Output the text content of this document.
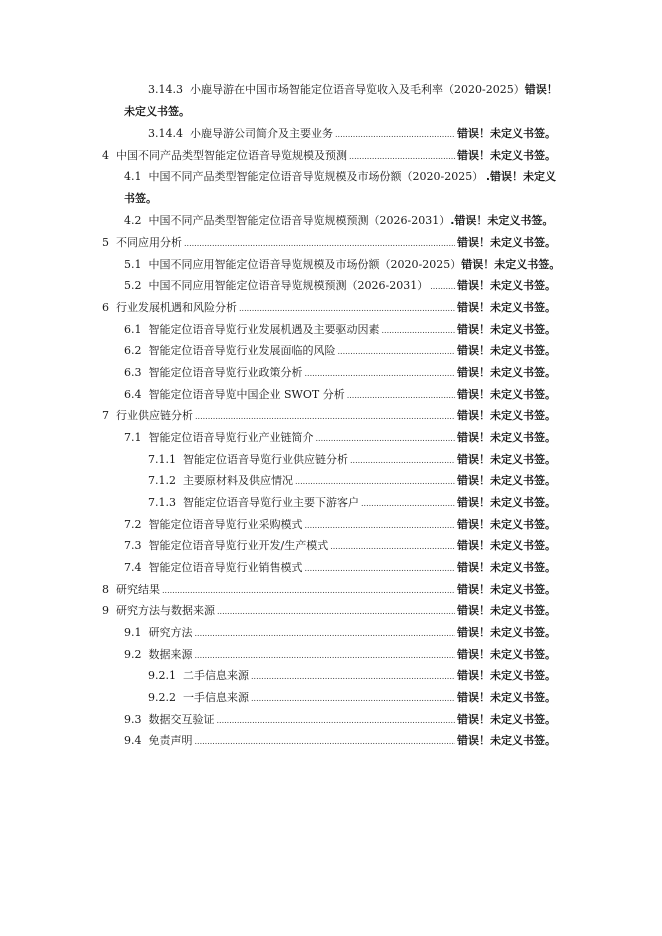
3.14.3 小鹿导游在中国市场智能定位语音导览收入及毛利率（2020-2025） 错误！
未定义书签。
3.14.4 小鹿导游公司简介及主要业务 .....	错误！未定义书签。
4 中国不同产品类型智能定位语音导览规模及预测 .....	错误！未定义书签。
4.1 中国不同产品类型智能定位语音导览规模及市场份额（2020-2025） .错误！未定义
书签。
4.2 中国不同产品类型智能定位语音导览规模预测（2026-2031） .错误！未定义书签。
5 不同应用分析 .....	错误！未定义书签。
5.1 中国不同应用智能定位语音导览规模及市场份额（2020-2025） 错误！未定义书签。
5.2 中国不同应用智能定位语音导览规模预测（2026-2031） .....	错误！未定义书签。
6 行业发展机遇和风险分析 .....	错误！未定义书签。
6.1 智能定位语音导览行业发展机遇及主要驱动因素 .....	错误！未定义书签。
6.2 智能定位语音导览行业发展面临的风险 .....	错误！未定义书签。
6.3 智能定位语音导览行业政策分析 .....	错误！未定义书签。
6.4 智能定位语音导览中国企业 SWOT 分析 .....	错误！未定义书签。
7 行业供应链分析 .....	错误！未定义书签。
7.1 智能定位语音导览行业产业链简介 .....	错误！未定义书签。
7.1.1 智能定位语音导览行业供应链分析 .....	错误！未定义书签。
7.1.2 主要原材料及供应情况 .....	错误！未定义书签。
7.1.3 智能定位语音导览行业主要下游客户 .....	错误！未定义书签。
7.2 智能定位语音导览行业采购模式 .....	错误！未定义书签。
7.3 智能定位语音导览行业开发/生产模式 .....	错误！未定义书签。
7.4 智能定位语音导览行业销售模式 .....	错误！未定义书签。
8 研究结果 .....	错误！未定义书签。
9 研究方法与数据来源 .....	错误！未定义书签。
9.1 研究方法 .....	错误！未定义书签。
9.2 数据来源 .....	错误！未定义书签。
9.2.1 二手信息来源 .....	错误！未定义书签。
9.2.2 一手信息来源 .....	错误！未定义书签。
9.3 数据交互验证 .....	错误！未定义书签。
9.4 免责声明 .....	错误！未定义书签。
